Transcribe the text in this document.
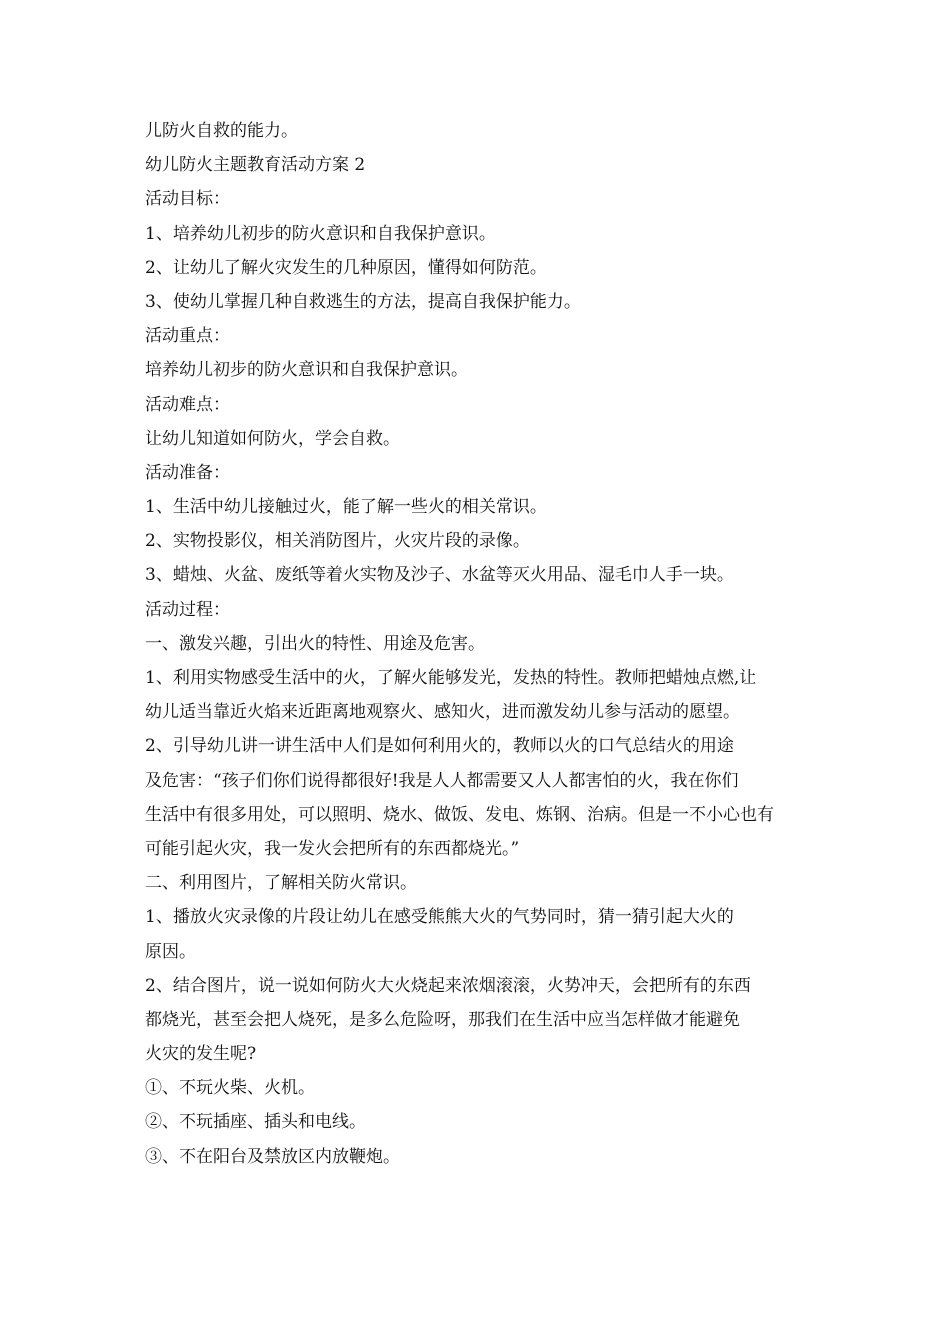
儿防火自救的能力。
幼儿防火主题教育活动方案 2
活动目标：
1、培养幼儿初步的防火意识和自我保护意识。
2、让幼儿了解火灾发生的几种原因，懂得如何防范。
3、使幼儿掌握几种自救逃生的方法，提高自我保护能力。
活动重点：
培养幼儿初步的防火意识和自我保护意识。
活动难点：
让幼儿知道如何防火，学会自救。
活动准备：
1、生活中幼儿接触过火，能了解一些火的相关常识。
2、实物投影仪，相关消防图片，火灾片段的录像。
3、蜡烛、火盆、废纸等着火实物及沙子、水盆等灭火用品、湿毛巾人手一块。
活动过程：
一、激发兴趣，引出火的特性、用途及危害。
1、利用实物感受生活中的火，了解火能够发光，发热的特性。教师把蜡烛点燃,让
幼儿适当靠近火焰来近距离地观察火、感知火，进而激发幼儿参与活动的愿望。
2、引导幼儿讲一讲生活中人们是如何利用火的，教师以火的口气总结火的用途
及危害：“孩子们你们说得都很好!我是人人都需要又人人都害怕的火，我在你们
生活中有很多用处，可以照明、烧水、做饭、发电、炼钢、治病。但是一不小心也有
可能引起火灾，我一发火会把所有的东西都烧光。”
二、利用图片，了解相关防火常识。
1、播放火灾录像的片段让幼儿在感受熊熊大火的气势同时，猜一猜引起大火的
原因。
2、结合图片，说一说如何防火大火烧起来浓烟滚滚，火势冲天，会把所有的东西
都烧光，甚至会把人烧死，是多么危险呀，那我们在生活中应当怎样做才能避免
火灾的发生呢?
①、不玩火柴、火机。
②、不玩插座、插头和电线。
③、不在阳台及禁放区内放鞭炮。
